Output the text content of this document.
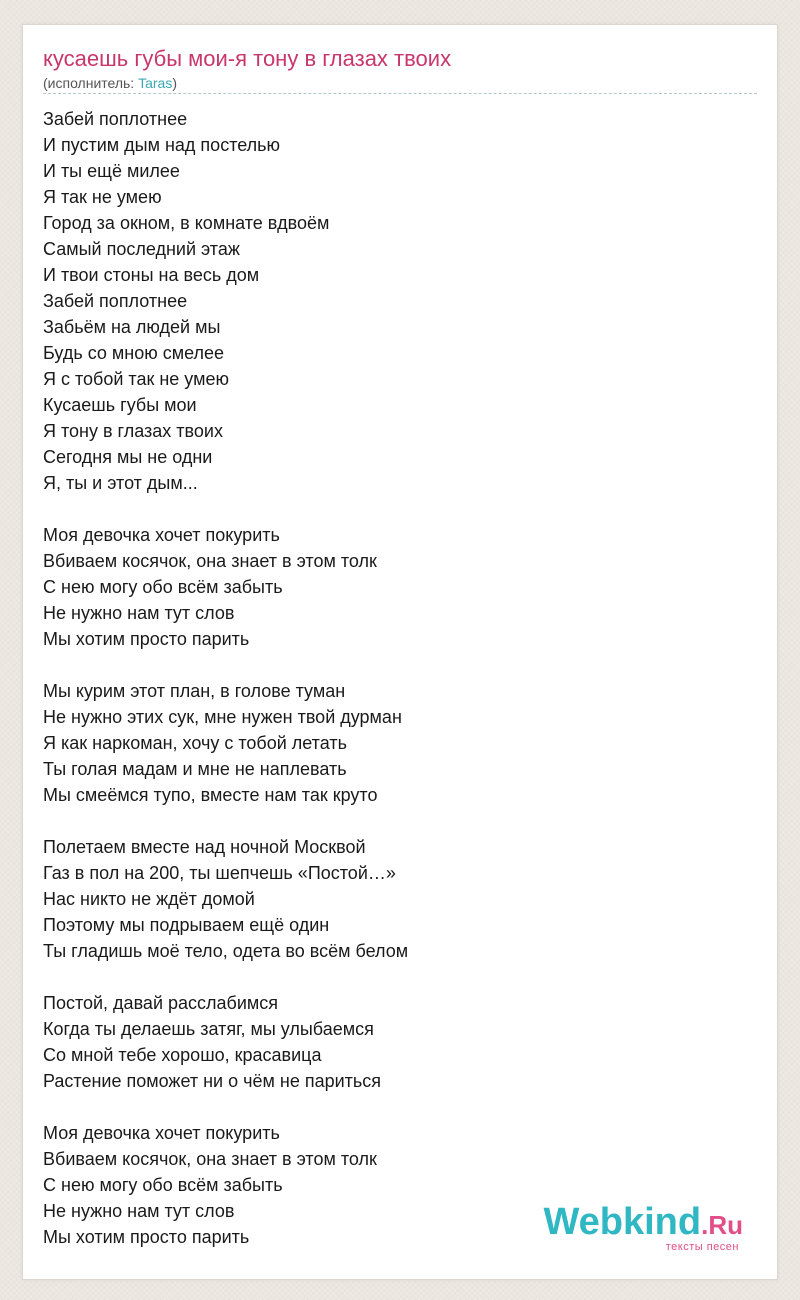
кусаешь губы мои-я тону в глазах твоих
(исполнитель: Taras)
Забей поплотнее
И пустим дым над постелью
И ты ещё милее
Я так не умею
Город за окном, в комнате вдвоём
Самый последний этаж
И твои стоны на весь дом
Забей поплотнее
Забьём на людей мы
Будь со мною смелее
Я с тобой так не умею
Кусаешь губы мои
Я тону в глазах твоих
Сегодня мы не одни
Я, ты и этот дым...
Моя девочка хочет покурить
Вбиваем косячок, она знает в этом толк
С нею могу обо всём забыть
Не нужно нам тут слов
Мы хотим просто парить
Мы курим этот план, в голове туман
Не нужно этих сук, мне нужен твой дурман
Я как наркоман, хочу с тобой летать
Ты голая мадам и мне не наплевать
Мы смеёмся тупо, вместе нам так круто
Полетаем вместе над ночной Москвой
Газ в пол на 200, ты шепчешь «Постой…»
Нас никто не ждёт домой
Поэтому мы подрываем ещё один
Ты гладишь моё тело, одета во всём белом
Постой, давай расслабимся
Когда ты делаешь затяг, мы улыбаемся
Со мной тебе хорошо, красавица
Растение поможет ни о чём не париться
Моя девочка хочет покурить
Вбиваем косячок, она знает в этом толк
С нею могу обо всём забыть
Не нужно нам тут слов
Мы хотим просто парить	Webkind.Ru
тексты песен
